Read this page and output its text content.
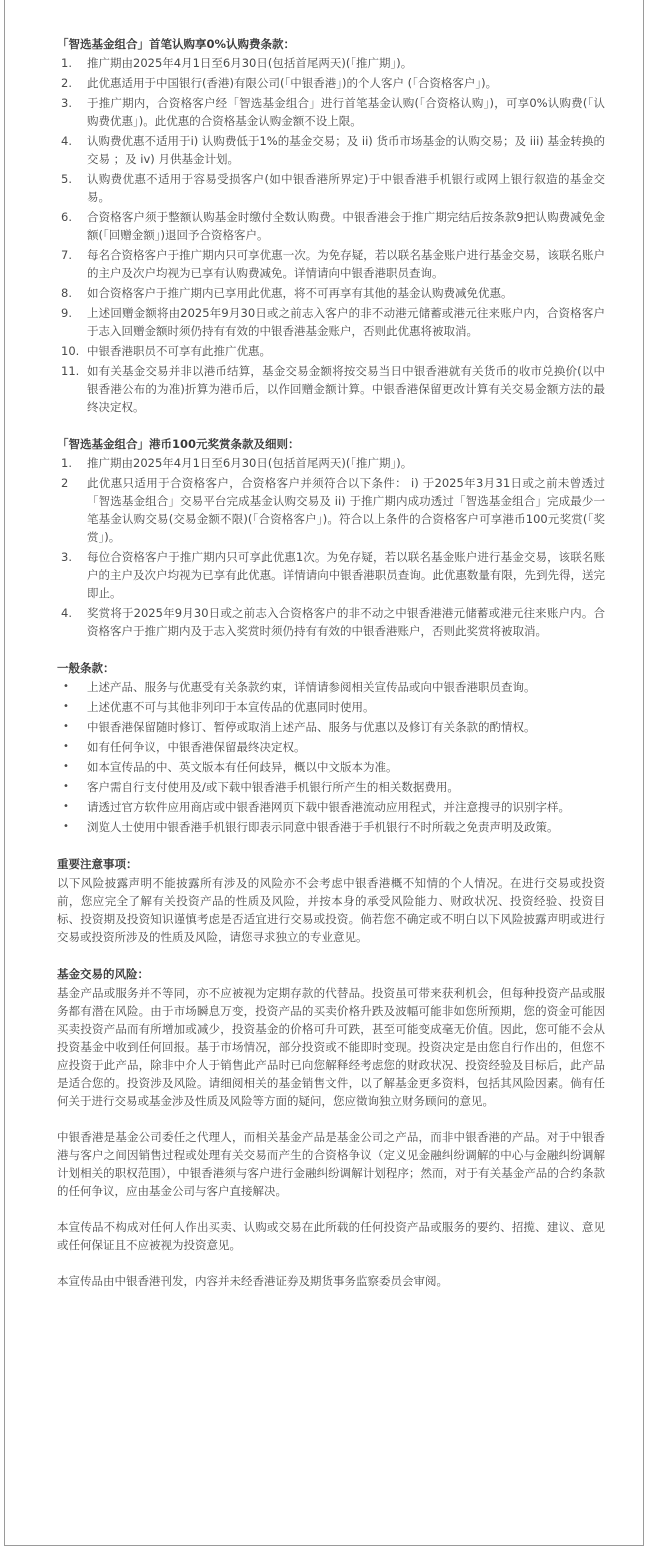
「智选基金组合」首笔认购享0%认购费条款：
1.	推广期由2025年4月1日至6月30日(包括首尾两天)(「推广期」)。
2.	此优惠适用于中国银行(香港)有限公司(「中银香港」)的个人客户 (「合资格客户」)。
3.	于推广期内，合资格客户经「智选基金组合」进行首笔基金认购(「合资格认购」)，可享0%认购费(「认购费优惠」)。此优惠的合资格基金认购金额不设上限。
4.	认购费优惠不适用于i) 认购费低于1%的基金交易；及 ii) 货币市场基金的认购交易；及 iii) 基金转换的交易 ；及 iv) 月供基金计划。
5.	认购费优惠不适用于容易受损客户(如中银香港所界定)于中银香港手机银行或网上银行叙造的基金交易。
6.	合资格客户须于整额认购基金时缴付全数认购费。中银香港会于推广期完结后按条款9把认购费减免金额(「回赠金额」)退回予合资格客户。
7.	每名合资格客户于推广期内只可享优惠一次。为免存疑，若以联名基金账户进行基金交易，该联名账户的主户及次户均视为已享有认购费减免。详情请向中银香港职员查询。
8.	如合资格客户于推广期内已享用此优惠，将不可再享有其他的基金认购费减免优惠。
9.	上述回赠金额将由2025年9月30日或之前志入客户的非不动港元储蓄或港元往来账户内，合资格客户于志入回赠金额时须仍持有有效的中银香港基金账户，否则此优惠将被取消。
10. 中银香港职员不可享有此推广优惠。
11. 如有关基金交易并非以港币结算，基金交易金额将按交易当日中银香港就有关货币的收市兑换价(以中银香港公布的为准)折算为港币后，以作回赠金额计算。中银香港保留更改计算有关交易金额方法的最终决定权。
「智选基金组合」港币100元奖赏条款及细则：
1.	推广期由2025年4月1日至6月30日(包括首尾两天)(「推广期」)。
2	此优惠只适用于合资格客户，合资格客户并须符合以下条件： i) 于2025年3月31日或之前未曾透过「智选基金组合」交易平台完成基金认购交易及 ii) 于推广期内成功透过「智选基金组合」完成最少一笔基金认购交易(交易金额不限)(「合资格客户」)。符合以上条件的合资格客户可享港币100元奖赏(「奖赏」)。
3.	每位合资格客户于推广期内只可享此优惠1次。为免存疑，若以联名基金账户进行基金交易，该联名账户的主户及次户均视为已享有此优惠。详情请向中银香港职员查询。此优惠数量有限，先到先得，送完即止。
4.	奖赏将于2025年9月30日或之前志入合资格客户的非不动之中银香港港元储蓄或港元往来账户内。合资格客户于推广期内及于志入奖赏时须仍持有有效的中银香港账户，否则此奖赏将被取消。
一般条款：
•	上述产品、服务与优惠受有关条款约束，详情请参阅相关宣传品或向中银香港职员查询。
•	上述优惠不可与其他非列印于本宣传品的优惠同时使用。
•	中银香港保留随时修订、暂停或取消上述产品、服务与优惠以及修订有关条款的酌情权。
•	如有任何争议，中银香港保留最终决定权。
•	如本宣传品的中、英文版本有任何歧异，概以中文版本为准。
•	客户需自行支付使用及/或下载中银香港手机银行所产生的相关数据费用。
•	请透过官方软件应用商店或中银香港网页下载中银香港流动应用程式，并注意搜寻的识别字样。
•	浏览人士使用中银香港手机银行即表示同意中银香港于手机银行不时所载之免责声明及政策。
重要注意事项：

以下风险披露声明不能披露所有涉及的风险亦不会考虑中银香港概不知情的个人情况。在进行交易或投资前，您应完全了解有关投资产品的性质及风险，并按本身的承受风险能力、财政状况、投资经验、投资目标、投资期及投资知识谨慎考虑是否适宜进行交易或投资。倘若您不确定或不明白以下风险披露声明或进行交易或投资所涉及的性质及风险，请您寻求独立的专业意见。

基金交易的风险：

基金产品或服务并不等同，亦不应被视为定期存款的代替品。投资虽可带来获利机会，但每种投资产品或服务都有潜在风险。由于市场瞬息万变，投资产品的买卖价格升跌及波幅可能非如您所预期，您的资金可能因买卖投资产品而有所增加或减少，投资基金的价格可升可跌，甚至可能变成毫无价值。因此，您可能不会从投资基金中收到任何回报。基于市场情况，部分投资或不能即时变现。投资决定是由您自行作出的，但您不应投资于此产品，除非中介人于销售此产品时已向您解释经考虑您的财政状况、投资经验及目标后，此产品是适合您的。投资涉及风险。请细阅相关的基金销售文件，以了解基金更多资料，包括其风险因素。倘有任何关于进行交易或基金涉及性质及风险等方面的疑问，您应徵询独立财务顾问的意见。

中银香港是基金公司委任之代理人，而相关基金产品是基金公司之产品，而非中银香港的产品。对于中银香港与客户之间因销售过程或处理有关交易而产生的合资格争议（定义见金融纠纷调解的中心与金融纠纷调解计划相关的职权范围），中银香港须与客户进行金融纠纷调解计划程序；然而，对于有关基金产品的合约条款的任何争议，应由基金公司与客户直接解决。

本宣传品不构成对任何人作出买卖、认购或交易在此所载的任何投资产品或服务的要约、招揽、建议、意见或任何保证且不应被视为投资意见。

本宣传品由中银香港刊发，内容并未经香港证券及期货事务监察委员会审阅。
